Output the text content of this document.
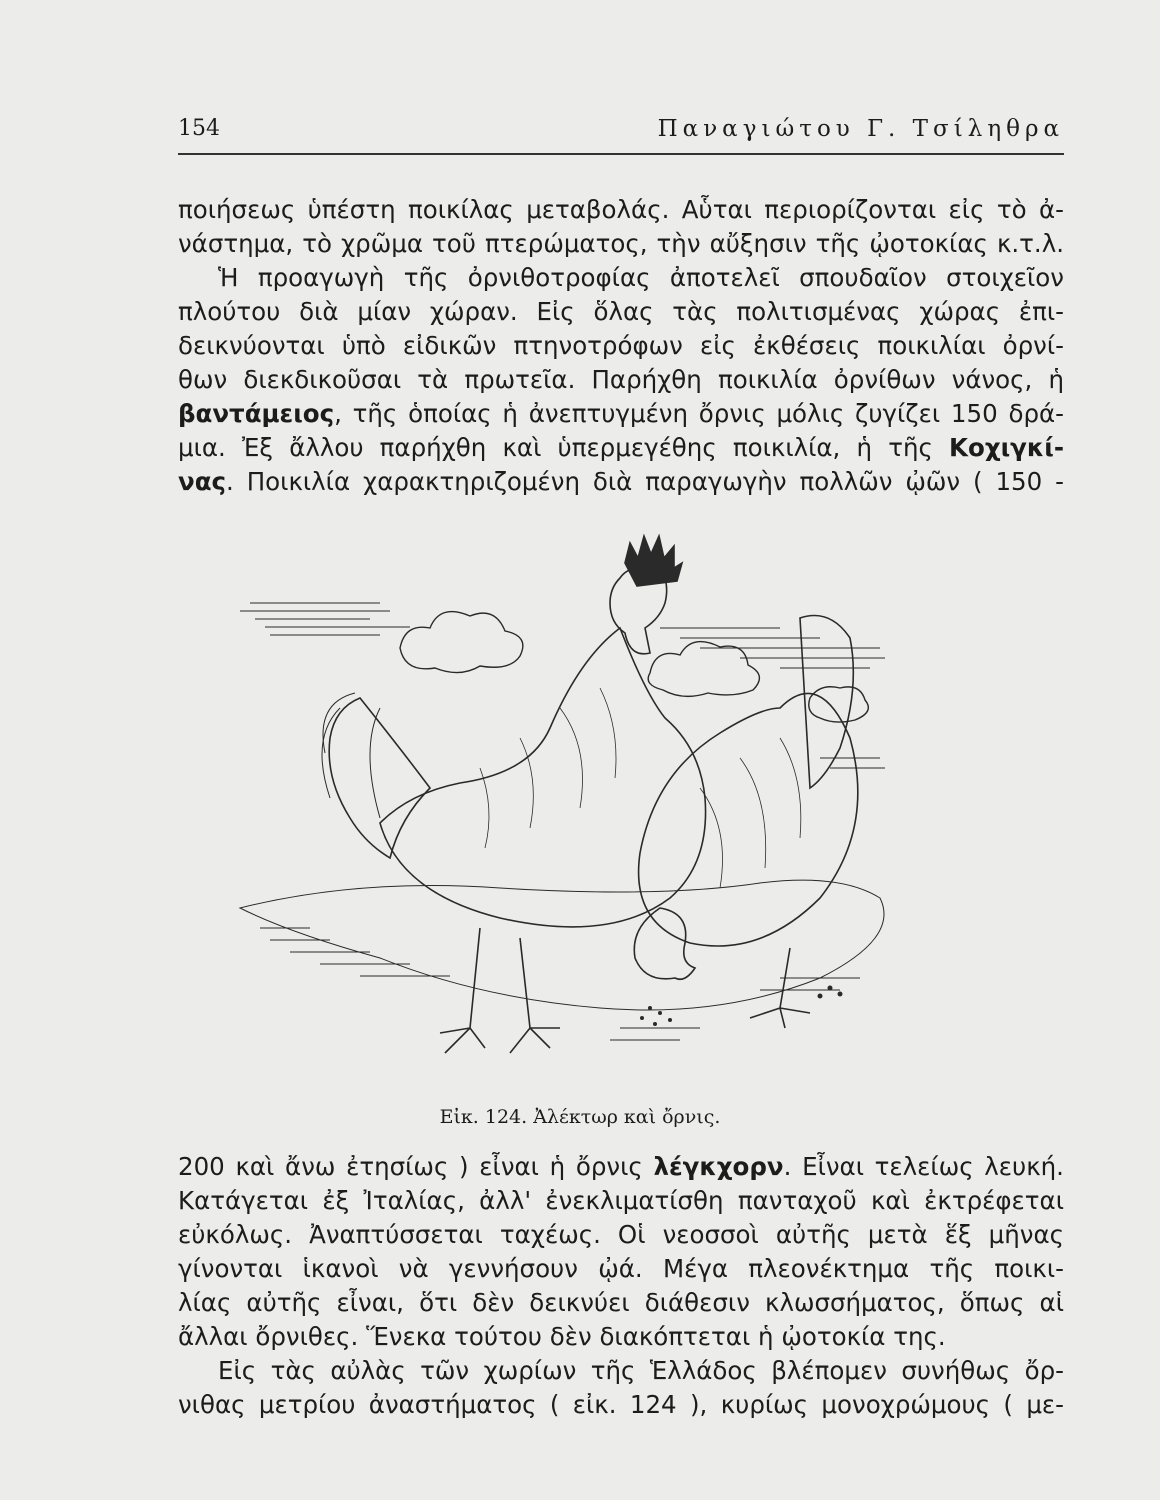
154	Παναγιώτου Γ. Τσίληθρα
ποιήσεως ὑπέστη ποικίλας μεταβολάς. Αὗται περιορίζονται εἰς τὸ ἀ-
νάστημα, τὸ χρῶμα τοῦ πτερώματος, τὴν αὔξησιν τῆς ᾠοτοκίας κ.τ.λ.
Ἡ προαγωγὴ τῆς ὀρνιθοτροφίας ἀποτελεῖ σπουδαῖον στοιχεῖον
πλούτου διὰ μίαν χώραν. Εἰς ὅλας τὰς πολιτισμένας χώρας ἐπι-
δεικνύονται ὑπὸ εἰδικῶν πτηνοτρόφων εἰς ἐκθέσεις ποικιλίαι ὀρνί-
θων διεκδικοῦσαι τὰ πρωτεῖα. Παρήχθη ποικιλία ὀρνίθων νάνος, ἡ
βαντάμειος, τῆς ὁποίας ἡ ἀνεπτυγμένη ὄρνις μόλις ζυγίζει 150 δρά-
μια. Ἐξ ἄλλου παρήχθη καὶ ὑπερμεγέθης ποικιλία, ἡ τῆς Κοχιγκί-
νας. Ποικιλία χαρακτηριζομένη διὰ παραγωγὴν πολλῶν ᾠῶν ( 150 -
Εἰκ. 124. Ἀλέκτωρ καὶ ὄρνις.
200 καὶ ἄνω ἐτησίως ) εἶναι ἡ ὄρνις λέγκχορν. Εἶναι τελείως λευκή.
Κατάγεται ἐξ Ἰταλίας, ἀλλ' ἐνεκλιματίσθη πανταχοῦ καὶ ἐκτρέφεται
εὐκόλως. Ἀναπτύσσεται ταχέως. Οἱ νεοσσοὶ αὐτῆς μετὰ ἕξ μῆνας
γίνονται ἱκανοὶ νὰ γεννήσουν ᾠά. Μέγα πλεονέκτημα τῆς ποικι-
λίας αὐτῆς εἶναι, ὅτι δὲν δεικνύει διάθεσιν κλωσσήματος, ὅπως αἱ
ἄλλαι ὄρνιθες. Ἕνεκα τούτου δὲν διακόπτεται ἡ ᾠοτοκία της.
Εἰς τὰς αὐλὰς τῶν χωρίων τῆς Ἑλλάδος βλέπομεν συνήθως ὄρ-
νιθας μετρίου ἀναστήματος ( εἰκ. 124 ), κυρίως μονοχρώμους ( με-
